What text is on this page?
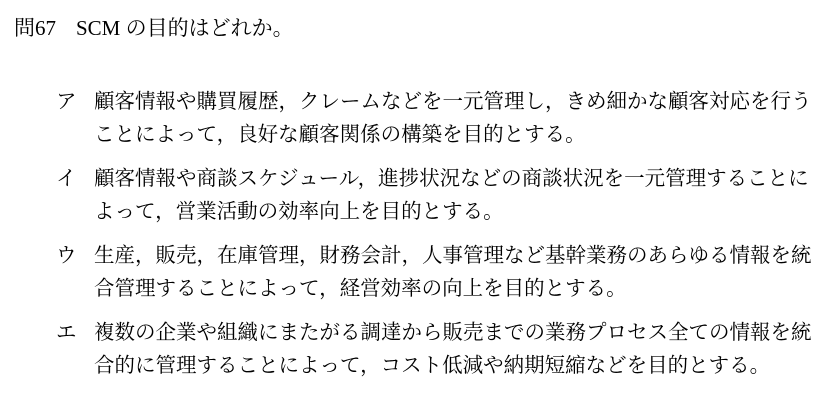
問67 SCM の目的はどれか。
ア 顧客情報や購買履歴，クレームなどを一元管理し，きめ細かな顧客対応を行う
ことによって，良好な顧客関係の構築を目的とする。
イ 顧客情報や商談スケジュール，進捗状況などの商談状況を一元管理することに
よって，営業活動の効率向上を目的とする。
ウ 生産，販売，在庫管理，財務会計，人事管理など基幹業務のあらゆる情報を統
合管理することによって，経営効率の向上を目的とする。
エ 複数の企業や組織にまたがる調達から販売までの業務プロセス全ての情報を統
合的に管理することによって，コスト低減や納期短縮などを目的とする。
